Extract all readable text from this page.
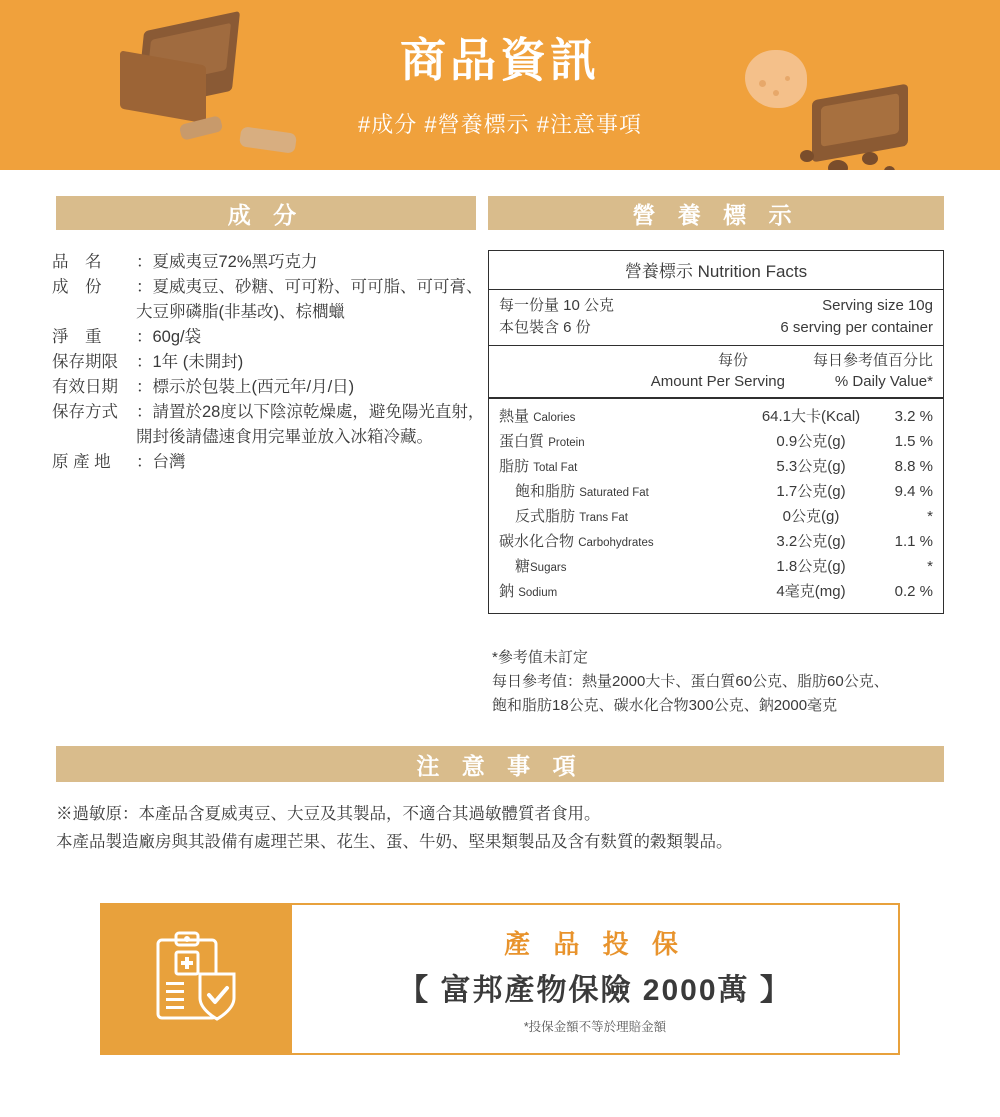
商品資訊
#成分 #營養標示 #注意事項
成 分
品　名	：夏威夷豆72%黑巧克力
成　份	：夏威夷豆、砂糖、可可粉、可可脂、可可膏、
大豆卵磷脂(非基改)、棕櫚蠟
淨　重	：60g/袋
保存期限	：1年 (未開封)
有效日期	：標示於包裝上(西元年/月/日)
保存方式	：請置於28度以下陰涼乾燥處，避免陽光直射，
開封後請儘速食用完畢並放入冰箱冷藏。
原 產 地	：台灣
營 養 標 示
營養標示 Nutrition Facts
每一份量 10 公克	Serving size 10g
本包裝含 6 份	6 serving per container
每份	每日參考值百分比
Amount Per Serving	% Daily Value*
熱量 Calories	64.1大卡(Kcal)	3.2 %
蛋白質 Protein	0.9公克(g)	1.5 %
脂肪 Total Fat	5.3公克(g)	8.8 %
飽和脂肪 Saturated Fat	1.7公克(g)	9.4 %
反式脂肪 Trans Fat	0公克(g)	*
碳水化合物 Carbohydrates	3.2公克(g)	1.1 %
糖Sugars	1.8公克(g)	*
鈉 Sodium	4毫克(mg)	0.2 %
*參考值未訂定
每日參考值：熱量2000大卡、蛋白質60公克、脂肪60公克、
飽和脂肪18公克、碳水化合物300公克、鈉2000毫克
注 意 事 項
※過敏原：本產品含夏威夷豆、大豆及其製品，不適合其過敏體質者食用。
本產品製造廠房與其設備有處理芒果、花生、蛋、牛奶、堅果類製品及含有麩質的穀類製品。
產 品 投 保
【 富邦產物保險 2000萬 】
*投保金額不等於理賠金額
